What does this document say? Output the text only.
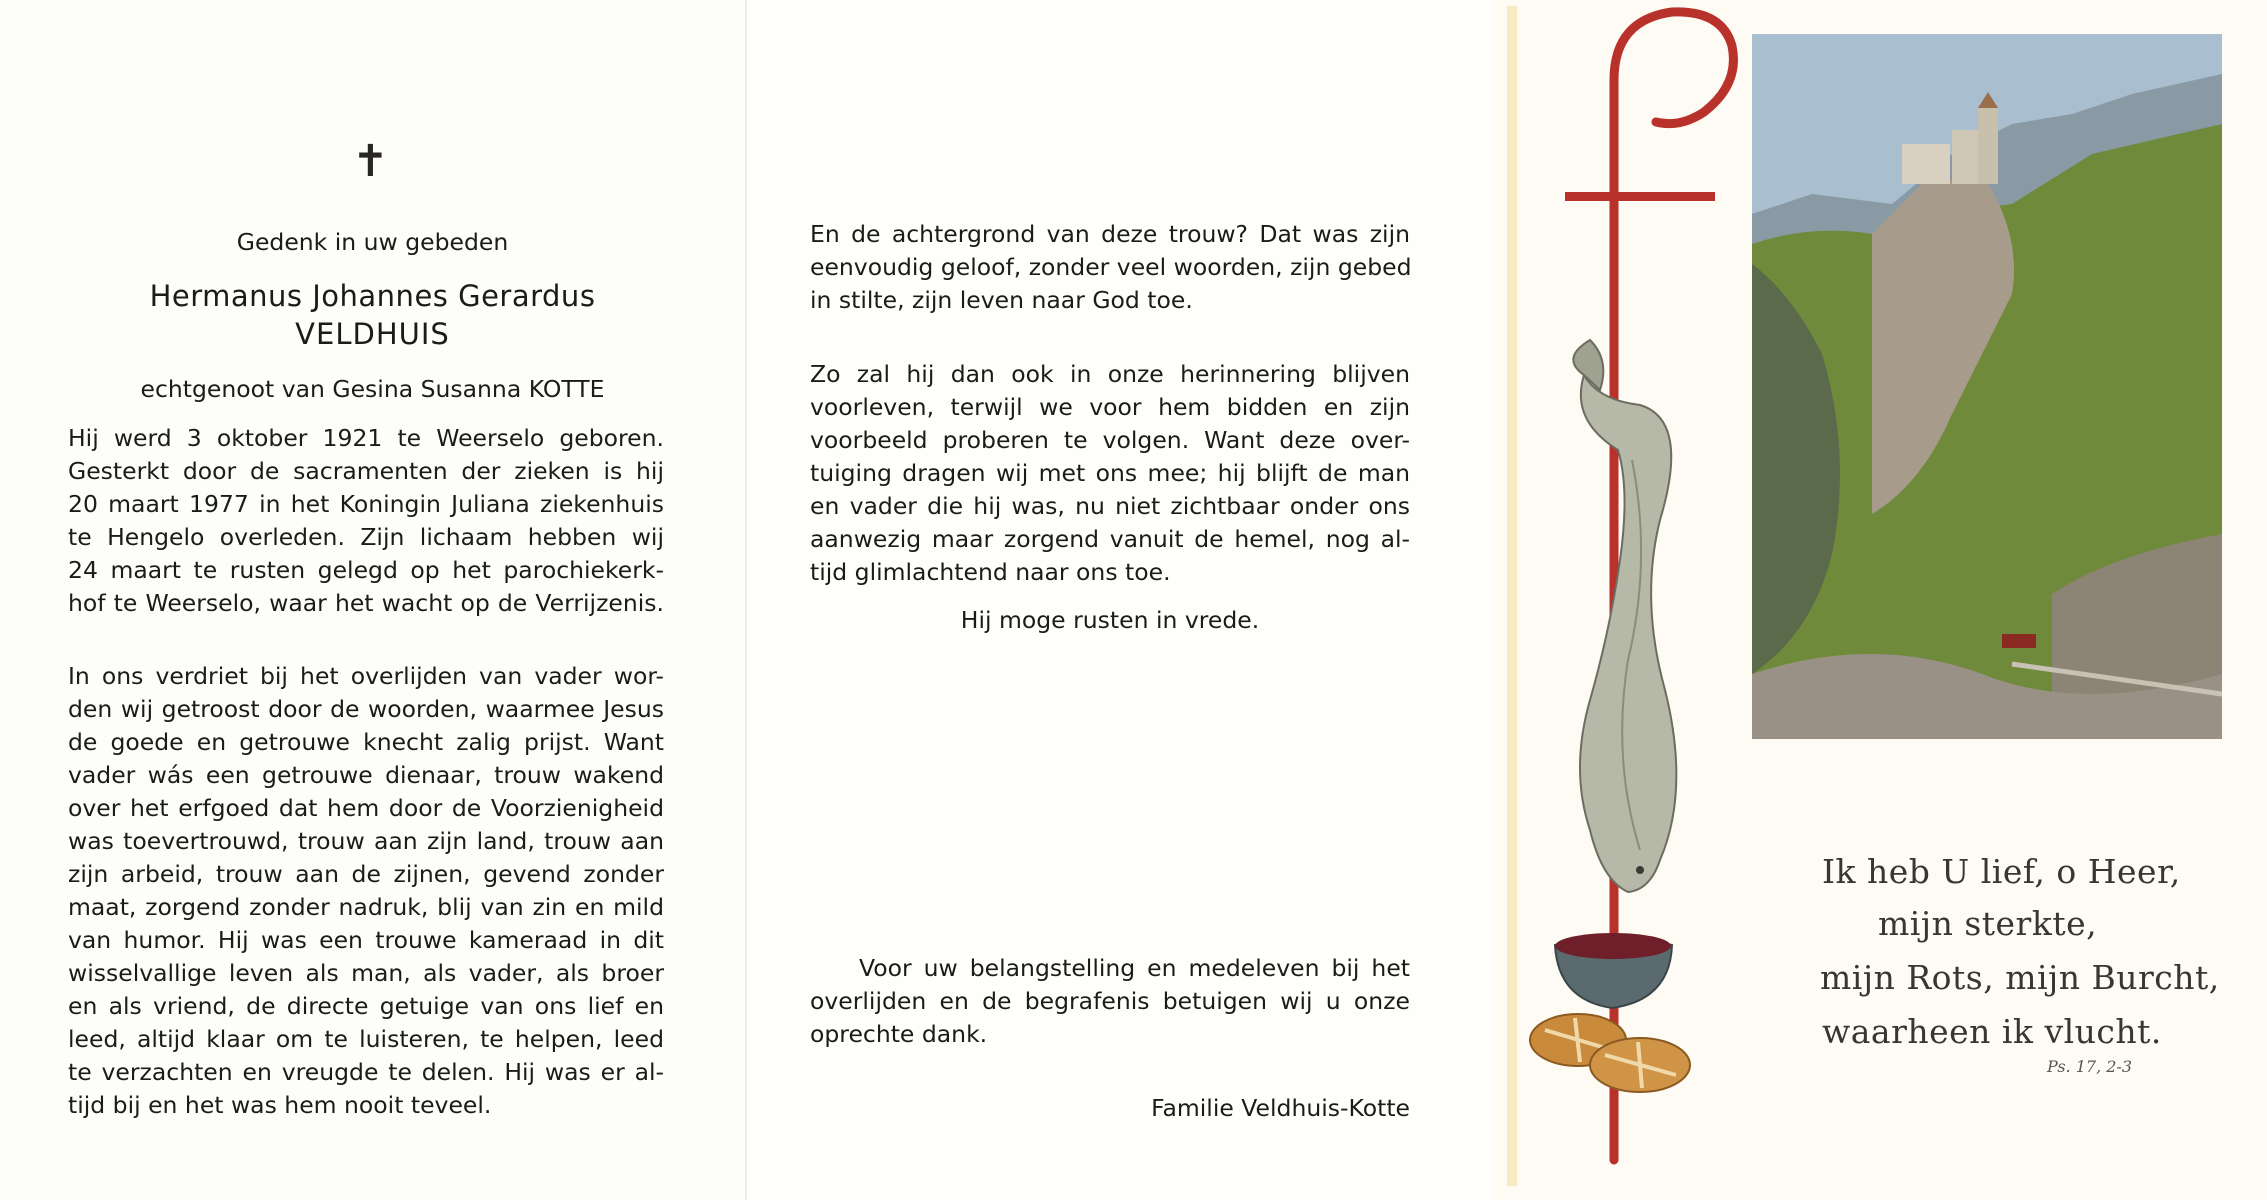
✝
Gedenk in uw gebeden
Hermanus Johannes Gerardus
VELDHUIS
echtgenoot van Gesina Susanna KOTTE
Hij werd 3 oktober 1921 te Weerselo geboren.
Gesterkt door de sacramenten der zieken is hij
20 maart 1977 in het Koningin Juliana ziekenhuis
te Hengelo overleden. Zijn lichaam hebben wij
24 maart te rusten gelegd op het parochiekerk-
hof te Weerselo, waar het wacht op de Verrijzenis.
In ons verdriet bij het overlijden van vader wor-
den wij getroost door de woorden, waarmee Jesus
de goede en getrouwe knecht zalig prijst. Want
vader wás een getrouwe dienaar, trouw wakend
over het erfgoed dat hem door de Voorzienigheid
was toevertrouwd, trouw aan zijn land, trouw aan
zijn arbeid, trouw aan de zijnen, gevend zonder
maat, zorgend zonder nadruk, blij van zin en mild
van humor. Hij was een trouwe kameraad in dit
wisselvallige leven als man, als vader, als broer
en als vriend, de directe getuige van ons lief en
leed, altijd klaar om te luisteren, te helpen, leed
te verzachten en vreugde te delen. Hij was er al-
tijd bij en het was hem nooit teveel.
En de achtergrond van deze trouw? Dat was zijn
eenvoudig geloof, zonder veel woorden, zijn gebed
in stilte, zijn leven naar God toe.
Zo zal hij dan ook in onze herinnering blijven
voorleven, terwijl we voor hem bidden en zijn
voorbeeld proberen te volgen. Want deze over-
tuiging dragen wij met ons mee; hij blijft de man
en vader die hij was, nu niet zichtbaar onder ons
aanwezig maar zorgend vanuit de hemel, nog al-
tijd glimlachtend naar ons toe.
Hij moge rusten in vrede.
Voor uw belangstelling en medeleven bij het
overlijden en de begrafenis betuigen wij u onze
oprechte dank.
Familie Veldhuis-Kotte
Ik heb U lief, o Heer,
mijn sterkte,
mijn Rots, mijn Burcht,
waarheen ik vlucht.
Ps. 17, 2-3
